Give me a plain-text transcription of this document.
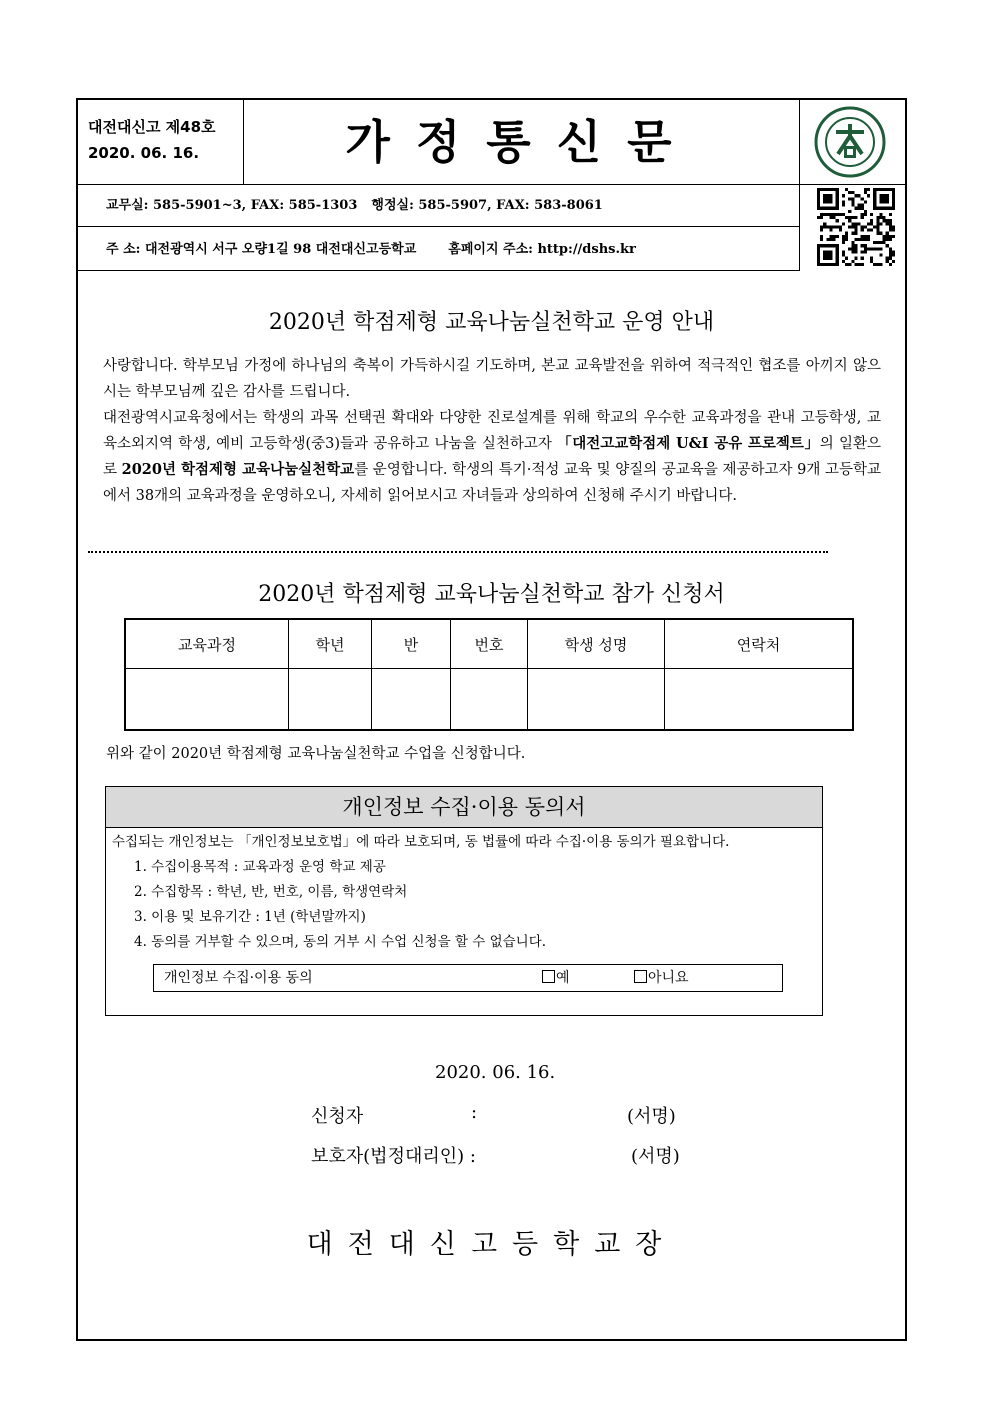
대전대신고 제48호
2020. 06. 16.	가정통신문
교무실: 585-5901~3, FAX: 585-1303 행정실: 585-5907, FAX: 583-8061
주 소: 대전광역시 서구 오량1길 98 대전대신고등학교 홈페이지 주소: http://dshs.kr
2020년 학점제형 교육나눔실천학교 운영 안내

사랑합니다. 학부모님 가정에 하나님의 축복이 가득하시길 기도하며, 본교 교육발전을 위하여 적극적인 협조를 아끼지 않으시는 학부모님께 깊은 감사를 드립니다.

대전광역시교육청에서는 학생의 과목 선택권 확대와 다양한 진로설계를 위해 학교의 우수한 교육과정을 관내 고등학생, 교육소외지역 학생, 예비 고등학생(중3)들과 공유하고 나눔을 실천하고자 「대전고교학점제 U&I 공유 프로젝트」의 일환으로 2020년 학점제형 교육나눔실천학교를 운영합니다. 학생의 특기·적성 교육 및 양질의 공교육을 제공하고자 9개 고등학교에서 38개의 교육과정을 운영하오니, 자세히 읽어보시고 자녀들과 상의하여 신청해 주시기 바랍니다.

2020년 학점제형 교육나눔실천학교 참가 신청서
교육과정	학년	반	번호	학생 성명	연락처

위와 같이 2020년 학점제형 교육나눔실천학교 수업을 신청합니다.
개인정보 수집·이용 동의서
수집되는 개인정보는 「개인정보보호법」에 따라 보호되며, 동 법률에 따라 수집·이용 동의가 필요합니다.
1. 수집이용목적 : 교육과정 운영 학교 제공
2. 수집항목 : 학년, 반, 번호, 이름, 학생연락처
3. 이용 및 보유기간 : 1년 (학년말까지)
4. 동의를 거부할 수 있으며, 동의 거부 시 수업 신청을 할 수 없습니다.
개인정보 수집·이용 동의	예	아니요
2020. 06. 16.
신청자	:	(서명)
보호자(법정대리인) :	(서명)
대전대신고등학교장
